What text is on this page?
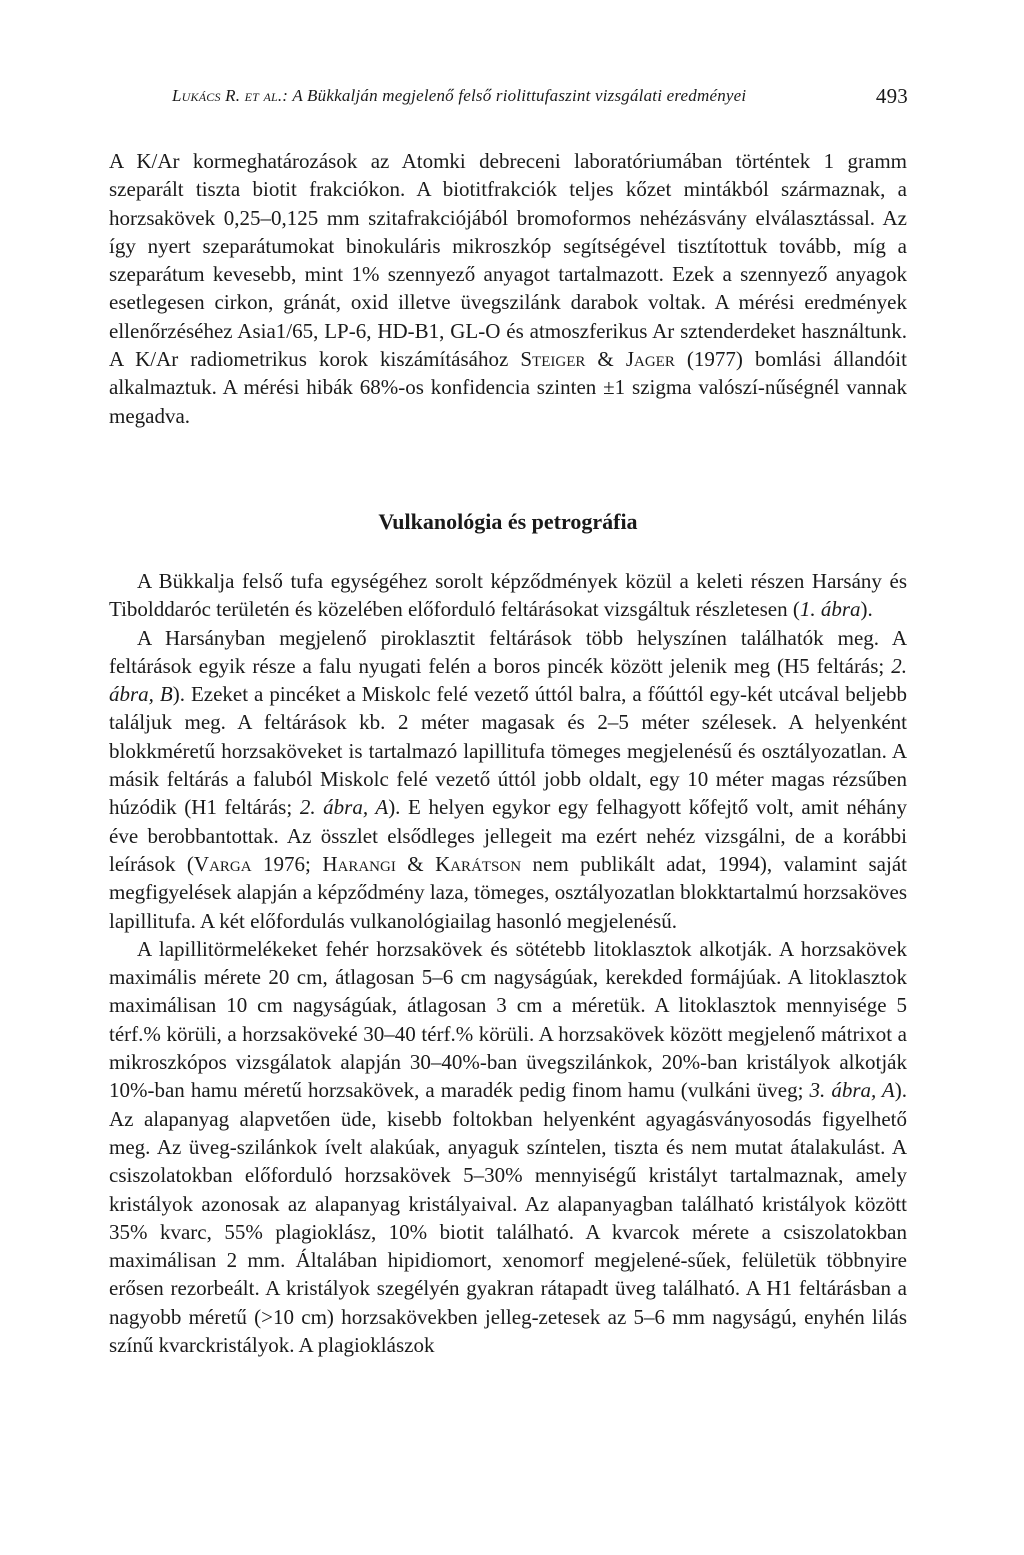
Lukács R. et al.: A Bükkalján megjelenő felső riolittufaszint vizsgálati eredményei	493

A K/Ar kormeghatározások az Atomki debreceni laboratóriumában történtek 1 gramm szeparált tiszta biotit frakciókon. A biotitfrakciók teljes kőzet mintákból származnak, a horzsakövek 0,25–0,125 mm szitafrakciójából bromoformos nehézásvány elválasztással. Az így nyert szeparátumokat binokuláris mikroszkóp segítségével tisztítottuk tovább, míg a szeparátum kevesebb, mint 1% szennyező anyagot tartalmazott. Ezek a szennyező anyagok esetlegesen cirkon, gránát, oxid illetve üvegszilánk darabok voltak. A mérési eredmények ellenőrzéséhez Asia1/65, LP-6, HD-B1, GL-O és atmoszferikus Ar sztenderdeket használtunk. A K/Ar radiometrikus korok kiszámításához Steiger & Jager (1977) bomlási állandóit alkalmaztuk. A mérési hibák 68%-os konfidencia szinten ±1 szigma valószí-nűségnél vannak megadva.

Vulkanológia és petrográfia

A Bükkalja felső tufa egységéhez sorolt képződmények közül a keleti részen Harsány és Tibolddaróc területén és közelében előforduló feltárásokat vizsgáltuk részletesen (1. ábra).

A Harsányban megjelenő piroklasztit feltárások több helyszínen találhatók meg. A feltárások egyik része a falu nyugati felén a boros pincék között jelenik meg (H5 feltárás; 2. ábra, B). Ezeket a pincéket a Miskolc felé vezető úttól balra, a főúttól egy-két utcával beljebb találjuk meg. A feltárások kb. 2 méter magasak és 2–5 méter szélesek. A helyenként blokkméretű horzsaköveket is tartalmazó lapillitufa tömeges megjelenésű és osztályozatlan. A másik feltárás a faluból Miskolc felé vezető úttól jobb oldalt, egy 10 méter magas rézsűben húzódik (H1 feltárás; 2. ábra, A). E helyen egykor egy felhagyott kőfejtő volt, amit néhány éve berobbantottak. Az összlet elsődleges jellegeit ma ezért nehéz vizsgálni, de a korábbi leírások (Varga 1976; Harangi & Karátson nem publikált adat, 1994), valamint saját megfigyelések alapján a képződmény laza, tömeges, osztályozatlan blokktartalmú horzsaköves lapillitufa. A két előfordulás vulkanológiailag hasonló megjelenésű.

A lapillitörmelékeket fehér horzsakövek és sötétebb litoklasztok alkotják. A horzsakövek maximális mérete 20 cm, átlagosan 5–6 cm nagyságúak, kerekded formájúak. A litoklasztok maximálisan 10 cm nagyságúak, átlagosan 3 cm a méretük. A litoklasztok mennyisége 5 térf.% körüli, a horzsaköveké 30–40 térf.% körüli. A horzsakövek között megjelenő mátrixot a mikroszkópos vizsgálatok alapján 30–40%-ban üvegszilánkok, 20%-ban kristályok alkotják 10%-ban hamu méretű horzsakövek, a maradék pedig finom hamu (vulkáni üveg; 3. ábra, A). Az alapanyag alapvetően üde, kisebb foltokban helyenként agyagásványosodás figyelhető meg. Az üveg-szilánkok ívelt alakúak, anyaguk színtelen, tiszta és nem mutat átalakulást. A csiszolatokban előforduló horzsakövek 5–30% mennyiségű kristályt tartalmaznak, amely kristályok azonosak az alapanyag kristályaival. Az alapanyagban található kristályok között 35% kvarc, 55% plagioklász, 10% biotit található. A kvarcok mérete a csiszolatokban maximálisan 2 mm. Általában hipidiomort, xenomorf megjelené-sűek, felületük többnyire erősen rezorbeált. A kristályok szegélyén gyakran rátapadt üveg található. A H1 feltárásban a nagyobb méretű (>10 cm) horzsakövekben jelleg-zetesek az 5–6 mm nagyságú, enyhén lilás színű kvarckristályok. A plagioklászok
